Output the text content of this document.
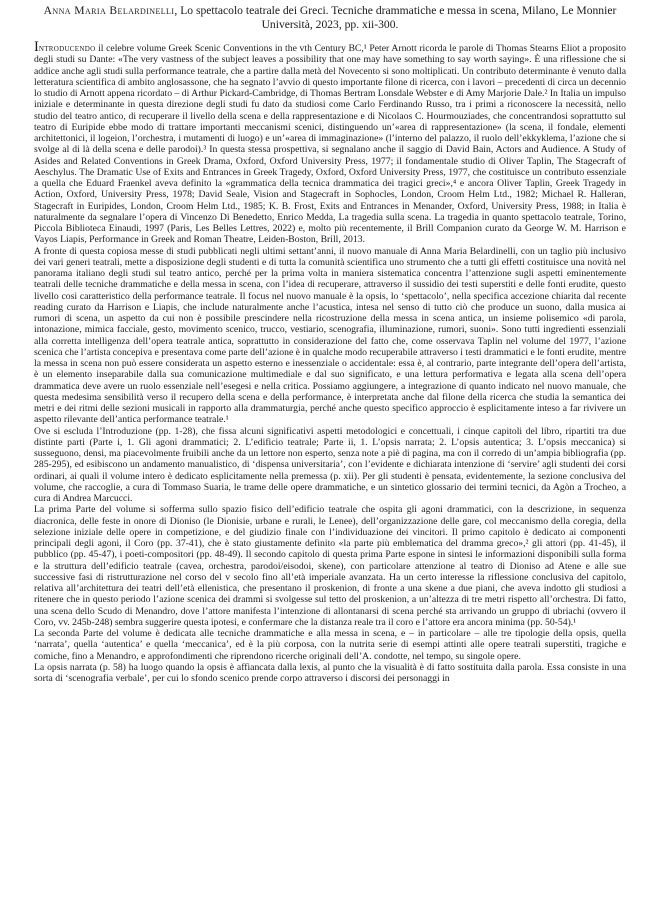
Anna Maria Belardinelli, Lo spettacolo teatrale dei Greci. Tecniche drammatiche e messa in scena, Milano, Le Monnier Università, 2023, pp. xii-300.

Introducendo il celebre volume Greek Scenic Conventions in the vth Century BC,¹ Peter Arnott ricorda le parole di Thomas Stearns Eliot a proposito degli studi su Dante: «The very vastness of the subject leaves a possibility that one may have something to say worth saying». È una riflessione che si addice anche agli studi sulla performance teatrale, che a partire dalla metà del Novecento si sono moltiplicati. Un contributo determinante è venuto dalla letteratura scientifica di ambito anglosassone, che ha segnato l’avvio di questo importante filone di ricerca, con i lavori – precedenti di circa un decennio lo studio di Arnott appena ricordato – di Arthur Pickard-Cambridge, di Thomas Bertram Lonsdale Webster e di Amy Marjorie Dale.² In Italia un impulso iniziale e determinante in questa direzione degli studi fu dato da studiosi come Carlo Ferdinando Russo, tra i primi a riconoscere la necessità, nello studio del teatro antico, di recuperare il livello della scena e della rappresentazione e di Nicolaos C. Hourmouziades, che concentrandosi soprattutto sul teatro di Euripide ebbe modo di trattare importanti meccanismi scenici, distinguendo un’«area di rappresentazione» (la scena, il fondale, elementi architettonici, il logeion, l’orchestra, i mutamenti di luogo) e un’«area di immaginazione» (l’interno del palazzo, il ruolo dell’ekkyklema, l’azione che si svolge al di là della scena e delle parodoi).³ In questa stessa prospettiva, si segnalano anche il saggio di David Bain, Actors and Audience. A Study of Asides and Related Conventions in Greek Drama, Oxford, Oxford University Press, 1977; il fondamentale studio di Oliver Taplin, The Stagecraft of Aeschylus. The Dramatic Use of Exits and Entrances in Greek Tragedy, Oxford, Oxford University Press, 1977, che costituisce un contributo essenziale a quella che Eduard Fraenkel aveva definito la «grammatica della tecnica drammatica dei tragici greci»,⁴ e ancora Oliver Taplin, Greek Tragedy in Action, Oxford, University Press, 1978; David Seale, Vision and Stagecraft in Sophocles, London, Croom Helm Ltd., 1982; Michael R. Halleran, Stagecraft in Euripides, London, Croom Helm Ltd., 1985; K. B. Frost, Exits and Entrances in Menander, Oxford, University Press, 1988; in Italia è naturalmente da segnalare l’opera di Vincenzo Di Benedetto, Enrico Medda, La tragedia sulla scena. La tragedia in quanto spettacolo teatrale, Torino, Piccola Biblioteca Einaudi, 1997 (Paris, Les Belles Lettres, 2022) e, molto più recentemente, il Brill Companion curato da George W. M. Harrison e Vayos Liapis, Performance in Greek and Roman Theatre, Leiden-Boston, Brill, 2013.

A fronte di questa copiosa messe di studi pubblicati negli ultimi settant’anni, il nuovo manuale di Anna Maria Belardinelli, con un taglio più inclusivo dei vari generi teatrali, mette a disposizione degli studenti e di tutta la comunità scientifica uno strumento che a tutti gli effetti costituisce una novità nel panorama italiano degli studi sul teatro antico, perché per la prima volta in maniera sistematica concentra l’attenzione sugli aspetti eminentemente teatrali delle tecniche drammatiche e della messa in scena, con l’idea di recuperare, attraverso il sussidio dei testi superstiti e delle fonti erudite, questo livello così caratteristico della performance teatrale. Il focus nel nuovo manuale è la opsis, lo ‘spettacolo’, nella specifica accezione chiarita dal recente reading curato da Harrison e Liapis, che include naturalmente anche l’acustica, intesa nel senso di tutto ciò che produce un suono, dalla musica ai rumori di scena, un aspetto da cui non è possibile prescindere nella ricostruzione della messa in scena antica, un insieme polisemico «di parola, intonazione, mimica facciale, gesto, movimento scenico, trucco, vestiario, scenografia, illuminazione, rumori, suoni». Sono tutti ingredienti essenziali alla corretta intelligenza dell’opera teatrale antica, soprattutto in considerazione del fatto che, come osservava Taplin nel volume del 1977, l’azione scenica che l’artista concepiva e presentava come parte dell’azione è in qualche modo recuperabile attraverso i testi drammatici e le fonti erudite, mentre la messa in scena non può essere considerata un aspetto esterno e inessenziale o accidentale: essa è, al contrario, parte integrante dell’opera dell’artista, è un elemento inseparabile dalla sua comunicazione multimediale e dal suo significato, e una lettura performativa e legata alla scena dell’opera drammatica deve avere un ruolo essenziale nell’esegesi e nella critica. Possiamo aggiungere, a integrazione di quanto indicato nel nuovo manuale, che questa medesima sensibilità verso il recupero della scena e della performance, è interpretata anche dal filone della ricerca che studia la semantica dei metri e dei ritmi delle sezioni musicali in rapporto alla drammaturgia, perché anche questo specifico approccio è esplicitamente inteso a far rivivere un aspetto rilevante dell’antica performance teatrale.¹

Ove si escluda l’Introduzione (pp. 1-28), che fissa alcuni significativi aspetti metodologici e concettuali, i cinque capitoli del libro, ripartiti tra due distinte parti (Parte i, 1. Gli agoni drammatici; 2. L’edificio teatrale; Parte ii, 1. L’opsis narrata; 2. L’opsis autentica; 3. L’opsis meccanica) si susseguono, densi, ma piacevolmente fruibili anche da un lettore non esperto, senza note a piè di pagina, ma con il corredo di un’ampia bibliografia (pp. 285-295), ed esibiscono un andamento manualistico, di ‘dispensa universitaria’, con l’evidente e dichiarata intenzione di ‘servire’ agli studenti dei corsi ordinari, ai quali il volume intero è dedicato esplicitamente nella premessa (p. xii). Per gli studenti è pensata, evidentemente, la sezione conclusiva del volume, che raccoglie, a cura di Tommaso Suaria, le trame delle opere drammatiche, e un sintetico glossario dei termini tecnici, da Agòn a Trocheo, a cura di Andrea Marcucci.

La prima Parte del volume si sofferma sullo spazio fisico dell’edificio teatrale che ospita gli agoni drammatici, con la descrizione, in sequenza diacronica, delle feste in onore di Dioniso (le Dionisie, urbane e rurali, le Lenee), dell’organizzazione delle gare, col meccanismo della coregia, della selezione iniziale delle opere in competizione, e del giudizio finale con l’individuazione dei vincitori. Il primo capitolo è dedicato ai componenti principali degli agoni, il Coro (pp. 37-41), che è stato giustamente definito «la parte più emblematica del dramma greco»,² gli attori (pp. 41-45), il pubblico (pp. 45-47), i poeti-compositori (pp. 48-49). Il secondo capitolo di questa prima Parte espone in sintesi le informazioni disponibili sulla forma e la struttura dell’edificio teatrale (cavea, orchestra, parodoi/eisodoi, skene), con particolare attenzione al teatro di Dioniso ad Atene e alle sue successive fasi di ristrutturazione nel corso del v secolo fino all’età imperiale avanzata. Ha un certo interesse la riflessione conclusiva del capitolo, relativa all’architettura dei teatri dell’età ellenistica, che presentano il proskenion, di fronte a una skene a due piani, che aveva indotto gli studiosi a ritenere che in questo periodo l’azione scenica dei drammi si svolgesse sul tetto del proskenion, a un’altezza di tre metri rispetto all’orchestra. Di fatto, una scena dello Scudo di Menandro, dove l’attore manifesta l’intenzione di allontanarsi di scena perché sta arrivando un gruppo di ubriachi (ovvero il Coro, vv. 245b-248) sembra suggerire questa ipotesi, e confermare che la distanza reale tra il coro e l’attore era ancora minima (pp. 50-54).¹

La seconda Parte del volume è dedicata alle tecniche drammatiche e alla messa in scena, e – in particolare – alle tre tipologie della opsis, quella ‘narrata’, quella ‘autentica’ e quella ‘meccanica’, ed è la più corposa, con la nutrita serie di esempi attinti alle opere teatrali superstiti, tragiche e comiche, fino a Menandro, e approfondimenti che riprendono ricerche originali dell’A. condotte, nel tempo, su singole opere.

La opsis narrata (p. 58) ha luogo quando la opsis è affiancata dalla lexis, al punto che la visualità è di fatto sostituita dalla parola. Essa consiste in una sorta di ‘scenografia verbale’, per cui lo sfondo scenico prende corpo attraverso i discorsi dei personaggi in
